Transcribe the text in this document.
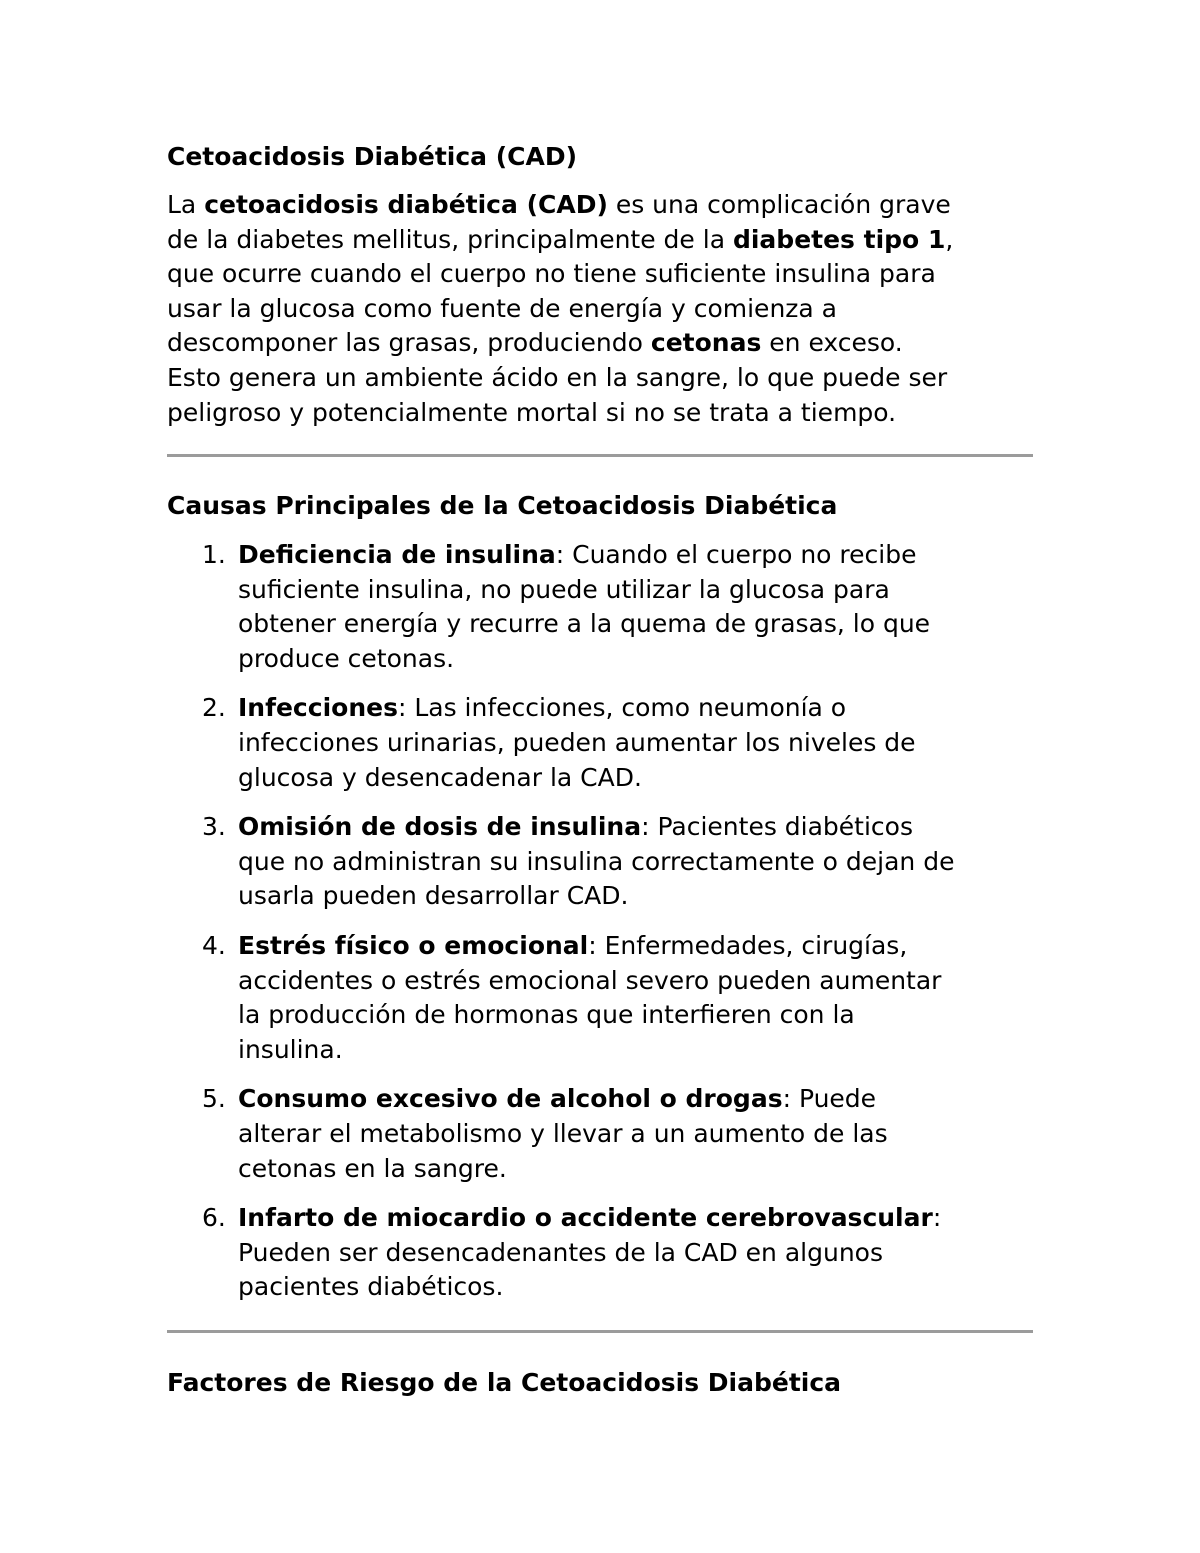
Cetoacidosis Diabética (CAD)

La cetoacidosis diabética (CAD) es una complicación grave
de la diabetes mellitus, principalmente de la diabetes tipo 1,
que ocurre cuando el cuerpo no tiene suficiente insulina para
usar la glucosa como fuente de energía y comienza a
descomponer las grasas, produciendo cetonas en exceso.
Esto genera un ambiente ácido en la sangre, lo que puede ser
peligroso y potencialmente mortal si no se trata a tiempo.

Causas Principales de la Cetoacidosis Diabética
1. Deficiencia de insulina: Cuando el cuerpo no recibe
suficiente insulina, no puede utilizar la glucosa para
obtener energía y recurre a la quema de grasas, lo que
produce cetonas.
2. Infecciones: Las infecciones, como neumonía o
infecciones urinarias, pueden aumentar los niveles de
glucosa y desencadenar la CAD.
3. Omisión de dosis de insulina: Pacientes diabéticos
que no administran su insulina correctamente o dejan de
usarla pueden desarrollar CAD.
4. Estrés físico o emocional: Enfermedades, cirugías,
accidentes o estrés emocional severo pueden aumentar
la producción de hormonas que interfieren con la
insulina.
5. Consumo excesivo de alcohol o drogas: Puede
alterar el metabolismo y llevar a un aumento de las
cetonas en la sangre.
6. Infarto de miocardio o accidente cerebrovascular:
Pueden ser desencadenantes de la CAD en algunos
pacientes diabéticos.
Factores de Riesgo de la Cetoacidosis Diabética
